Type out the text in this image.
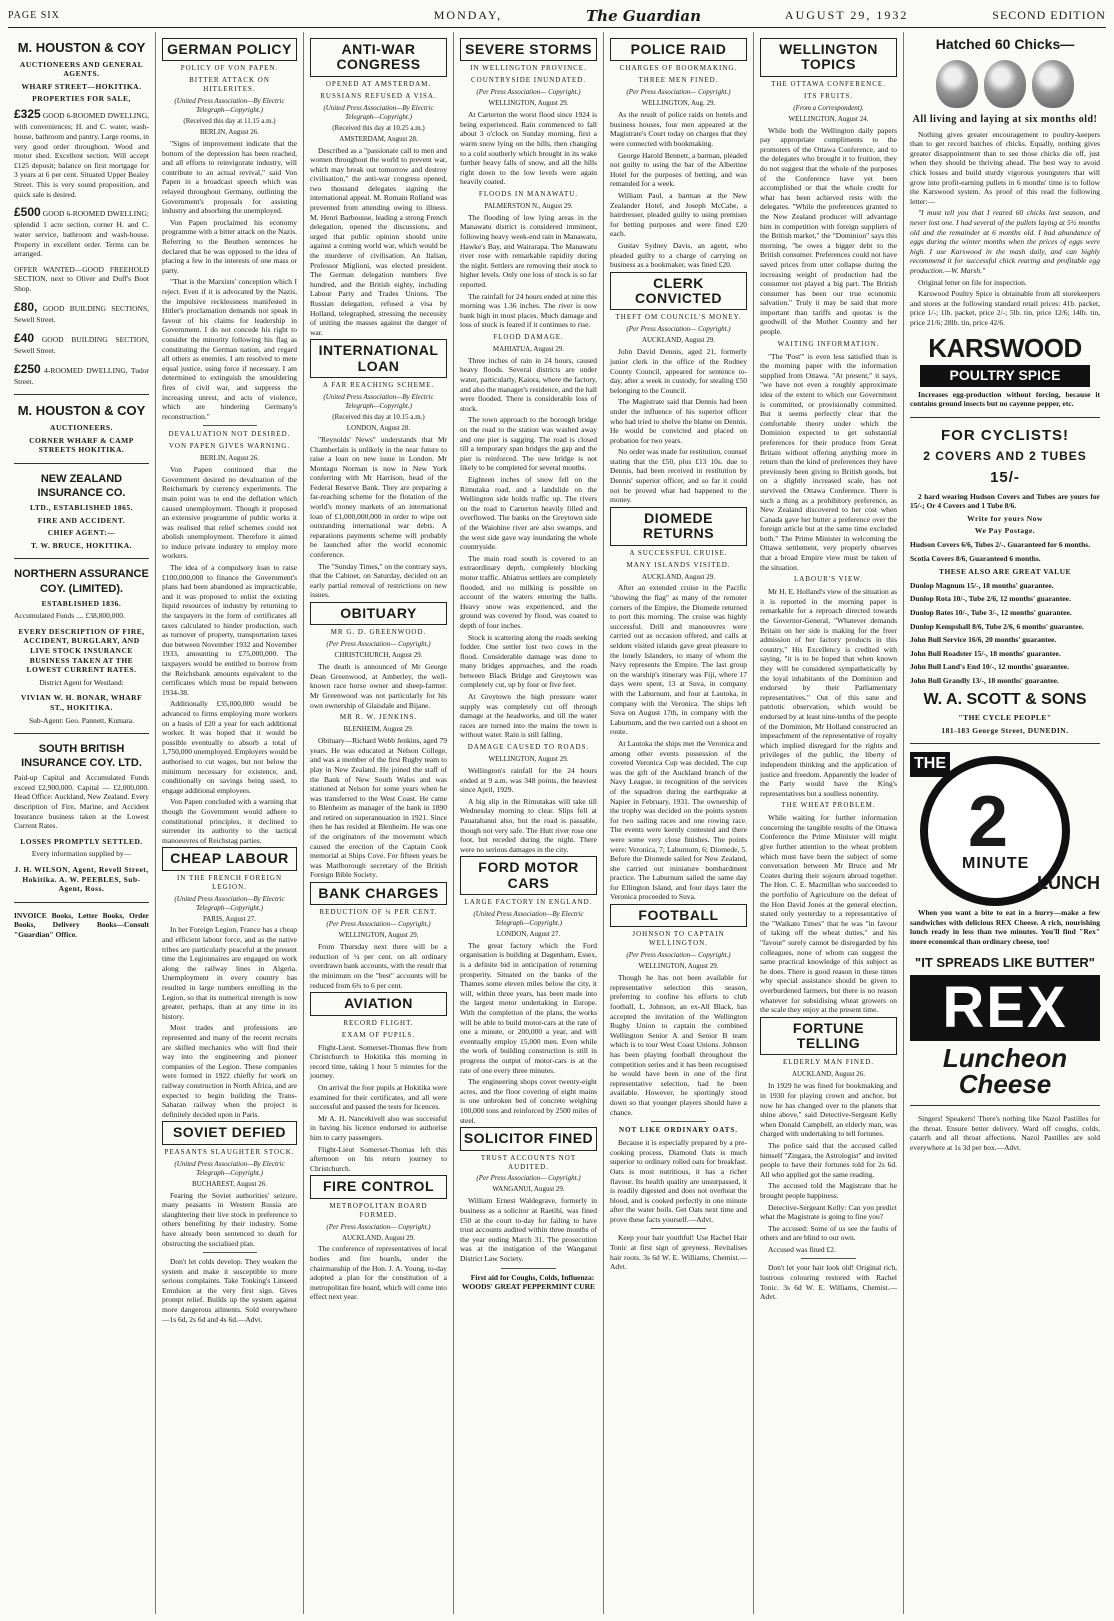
PAGE SIX	MONDAY,	The Guardian	AUGUST 29, 1932	SECOND EDITION
M. HOUSTON & COY
AUCTIONEERS AND GENERAL AGENTS.
WHARF STREET—HOKITIKA.
PROPERTIES FOR SALE,
£325 GOOD 6-ROOMED DWELLING, with conveniences; H. and C. water, wash-house, bathroom and pantry. Large rooms, in very good order throughout. Wood and motor shed. Excellent section. Will accept £125 deposit; balance on first mortgage for 3 years at 6 per cent. Situated Upper Bealey Street. This is very sound proposition, and quick sale is desired.
£500 GOOD 6-ROOMED DWELLING; splendid 1 acre section, corner H. and C. water service, bathroom and wash-house. Property in excellent order. Terms can be arranged.
OFFER WANTED—GOOD FREEHOLD SECTION, next to Oliver and Duff's Boot Shop.
£80, GOOD BUILDING SECTIONS, Sewell Street.
£40 GOOD BUILDING SECTION, Sewell Street.
£250 4-ROOMED DWELLING, Tudor Street.
M. HOUSTON & COY
AUCTIONEERS.
CORNER WHARF & CAMP STREETS HOKITIKA.
NEW ZEALAND INSURANCE CO.
LTD., ESTABLISHED 1865.
FIRE AND ACCIDENT.
CHIEF AGENT:—
T. W. BRUCE, HOKITIKA.
NORTHERN ASSURANCE COY. (LIMITED).
ESTABLISHED 1836.
Accumulated Funds .... £38,800,000.
EVERY DESCRIPTION OF FIRE, ACCIDENT, BURGLARY, AND LIVE STOCK INSURANCE BUSINESS TAKEN AT THE LOWEST CURRENT RATES.
District Agent for Westland:
VIVIAN W. H. BONAR, WHARF ST., HOKITIKA.
Sub-Agent: Geo. Pannett, Kumara.
SOUTH BRITISH INSURANCE COY. LTD.
Paid-up Capital and Accumulated Funds exceed £2,900,000. Capital — £2,000,000. Head Office: Auckland, New Zealand. Every description of Fire, Marine, and Accident Insurance business taken at the Lowest Current Rates.
LOSSES PROMPTLY SETTLED.
Every information supplied by—
J. H. WILSON, Agent, Revell Street, Hokitika. A. W. PEEBLES, Sub-Agent, Ross.
INVOICE Books, Letter Books, Order Books, Delivery Books—Consult "Guardian" Office.
GERMAN POLICY
POLICY OF VON PAPEN.
BITTER ATTACK ON HITLERITES.
(United Press Association—By Electric Telegraph—Copyright.)
(Received this day at 11.15 a.m.)
BERLIN, August 26.

"Signs of improvement indicate that the bottom of the depression has been reached, and all efforts to reinvigorate industry, will contribute to an actual revival," said Von Papen in a broadcast speech which was relayed throughout Germany, outlining the Government's proposals for assisting industry and absorbing the unemployed.

Von Papen proclaimed his economy programme with a bitter attack on the Nazis. Referring to the Beuthen sentences he declared that he was opposed to the idea of placing a few in the interests of one mass or party.

"That is the Marxists' conception which I reject. Even if it is advocated by the Nazis, the impulsive recklessness manifested in Hitler's proclamation demands not speak in favour of his claims for leadership in Government. I do not concede his right to consider the minority following his flag as constituting the German nation, and regard all others as enemies. I am resolved to mete equal justice, using force if necessary. I am determined to extinguish the smouldering fires of civil war, and suppress the increasing unrest, and acts of violence, which are hindering Germany's reconstruction."

DEVALUATION NOT DESIRED.
VON PAPEN GIVES WARNING.
BERLIN, August 26.

Von Papen continued that the Government desired no devaluation of the Reichsmark by currency experiments. The main point was to end the deflation which caused unemployment. Though it proposed an extensive programme of public works it was realised that relief schemes could not abolish unemployment. Therefore it aimed to induce private industry to employ more workers.

The idea of a compulsory loan to raise £100,000,000 to finance the Government's plans had been abandoned as impracticable, and it was proposed to enlist the existing liquid resources of industry by returning to the taxpayers in the form of certificates all taxes calculated to hinder production, such as turnover of property, transportation taxes due between November 1932 and November 1933, amounting to £75,000,000. The taxpayers would be entitled to borrow from the Reichsbank amounts equivalent to the certificates which must be repaid between 1934-38.

Additionally £35,000,000 would be advanced to firms employing more workers on a basis of £20 a year for each additional worker. It was hoped that it would be possible eventually to absorb a total of 1,750,000 unemployed. Employers would be authorised to cut wages, but not below the minimum necessary for existence, and, conditionally on savings being used, to engage additional employees.

Von Papen concluded with a warning that though the Government would adhere to constitutional principles, it declined to surrender its authority to the tactical manoeuvres of Reichstag parties.

CHEAP LABOUR
IN THE FRENCH FOREIGN LEGION.
(United Press Association—By Electric Telegraph—Copyright.)
PARIS, August 27.

In her Foreign Legion, France has a cheap and efficient labour force, and as the native tribes are particularly peaceful at the present time the Legionnaires are engaged on work along the railway lines in Algeria. Unemployment in every country has resulted in large numbers enrolling in the Legion, so that its numerical strength is now greater, perhaps, than at any time in its history.

Most trades and professions are represented and many of the recent recruits are skilled mechanics who will find their way into the engineering and pioneer companies of the Legion. These companies were formed in 1922 chiefly for work on railway construction in North Africa, and are expected to begin building the Trans-Saharan railway when the project is definitely decided upon in Paris.

SOVIET DEFIED
PEASANTS SLAUGHTER STOCK.
(United Press Association—By Electric Telegraph—Copyright.)
BUCHAREST, August 26.

Fearing the Soviet authorities' seizure, many peasants in Western Russia are slaughtering their live stock in preference to others benefiting by their industry. Some have already been sentenced to death for obstructing the socialised plan.

Don't let colds develop. They weaken the system and make it susceptible to more serious complaints. Take Tonking's Linseed Emulsion at the very first sign. Gives prompt relief. Builds up the system against more dangerous ailments. Sold everywhere —1s 6d, 2s 6d and 4s 6d.—Advt.

ANTI-WAR CONGRESS
OPENED AT AMSTERDAM.
RUSSIANS REFUSED A VISA.
(United Press Association—By Electric Telegraph—Copyright.)
(Received this day at 10.25 a.m.)
AMSTERDAM, August 28.

Described as a "passionate call to men and women throughout the world to prevent war, which may break out tomorrow and destroy civilisation," the anti-war congress opened, two thousand delegates signing the international appeal. M. Romain Rolland was prevented from attending owing to illness. M. Henri Barbousse, leading a strong French delegation, opened the discussions, and urged that public opinion should unite against a coming world war, which would be the murderer of civilisation. An Italian, Professor Miglioni, was elected president. The German delegation numbers five hundred, and the British eighty, including Labour Party and Trades Unions. The Russian delegation, refused a visa by Holland, telegraphed, stressing the necessity of uniting the masses against the danger of war.

INTERNATIONAL LOAN
A FAR REACHING SCHEME.
(United Press Association—By Electric Telegraph—Copyright.)
(Received this day at 10.15 a.m.)
LONDON, August 28.

"Reynolds' News" understands that Mr Chamberlain is unlikely in the near future to raise a loan on new issue in London. Mr Montagu Norman is now in New York conferring with Mr Harrison, head of the Federal Reserve Bank. They are preparing a far-reaching scheme for the flotation of the world's money markets of an international loan of £1,000,000,000 in order to wipe out outstanding international war debts. A reparations payments scheme will probably be launched after the world economic conference.

The "Sunday Times," on the contrary says, that the Cabinet, on Saturday, decided on an early partial removal of restrictions on new issues.

OBITUARY
MR G. D. GREENWOOD.
(Per Press Association— Copyright.)
CHRISTCHURCH, August 29.

The death is announced of Mr George Dean Greenwood, at Amberley, the well-known race horse owner and sheep-farmer. Mr Greenwood was not particularly for his own ownership of Glaisdale and Bijane.

MR R. W. JENKINS.
BLENHEIM, August 29.

Obituary—Richard Webb Jenkins, aged 79 years. He was educated at Nelson College, and was a member of the first Rugby team to play in New Zealand. He joined the staff of the Bank of New South Wales and was stationed at Nelson for some years when he was transferred to the West Coast. He came to Blenheim as manager of the bank in 1890 and retired on superannuation in 1921. Since then he has resided at Blenheim. He was one of the originators of the movement which caused the erection of the Captain Cook memorial at Ships Cove. For fifteen years he was Marlborough secretary of the British Foreign Bible Society.

BANK CHARGES
REDUCTION OF ¼ PER CENT.
(Per Press Association— Copyright.)
WELLINGTON, August 29.

From Thursday next there will be a reduction of ¼ per cent. on all ordinary overdrawn bank accounts, with the result that the minimum on the "best" accounts will be reduced from 6¾ to 6 per cent.

AVIATION
RECORD FLIGHT.
EXAM OF PUPILS.

Flight-Lieut. Somerset-Thomas flew from Christchurch to Hokitika this morning in record time, taking 1 hour 5 minutes for the journey.

On arrival the four pupils at Hokitika were examined for their certificates, and all were successful and passed the tests for licences.

Mr A. H. Nancekivell also was successful in having his licence endorsed to authorise him to carry passengers.

Flight-Lieut Somerset-Thomas left this afternoon on his return journey to Christchurch.

FIRE CONTROL
METROPOLITAN BOARD FORMED.
(Per Press Association— Copyright.)
AUCKLAND, August 29.

The conference of representatives of local bodies and fire boards, under the chairmanship of the Hon. J. A. Young, to-day adopted a plan for the constitution of a metropolitan fire board, which will come into effect next year.

SEVERE STORMS
IN WELLINGTON PROVINCE.
COUNTRYSIDE INUNDATED.
(Per Press Association— Copyright.)
WELLINGTON, August 29.

At Carterton the worst flood since 1924 is being experienced. Rain commenced to fall about 3 o'clock on Sunday morning, first a warm snow lying on the hills, then changing to a cold southerly which brought in its wake further heavy falls of snow, and all the hills right down to the low levels were again heavily coated.

FLOODS IN MANAWATU.
PALMERSTON N., August 29.

The flooding of low lying areas in the Manawatu district is considered imminent, following heavy week-end rain in Manawatu, Hawke's Bay, and Wairarapa. The Manawatu river rose with remarkable rapidity during the night. Settlers are removing their stock to higher levels. Only one loss of stock is so far reported.

The rainfall for 24 hours ended at nine this morning was 1.36 inches. The river is now bank high in most places. Much damage and loss of stock is feared if it continues to rise.

FLOOD DAMAGE.
MAHIATUA, August 29.

Three inches of rain in 24 hours, caused heavy floods. Several districts are under water, particularly, Kaiora, where the factory, and also the manager's residence, and the hall were flooded. There is considerable loss of stock.

The town approach to the borough bridge on the road to the station was washed away and one pier is sagging. The road is closed till a temporary span bridges the gap and the pier is reinforced. The new bridge is not likely to be completed for several months.

Eighteen inches of snow fell on the Rimutaka road, and a landslide on the Wellington side holds traffic up. The rivers on the road to Carterton heavily filled and overflowed. The banks on the Greytown side of the Waiohine river are also swamps, and the west side gave way inundating the whole countryside.

The main road south is covered to an extraordinary depth, completely blocking motor traffic. Abiatrus settlers are completely flooded, and no milking is possible on account of the waters entering the halls. Heavy snow was experienced, and the ground was covered by flood, was coated to depth of four inches.

Stock is scattering along the roads seeking fodder. One settler lost two cows in the flood. Considerable damage was done to many bridges approaches, and the roads between Black Bridge and Greytown was completely cut, up by four or five feet.

At Greytown the high pressure water supply was completely cut off through damage at the headworks, and till the water races are turned into the mains the town is without water. Rain is still falling.

DAMAGE CAUSED TO ROADS.
WELLINGTON, August 29.

Wellington's rainfall for the 24 hours ended at 9 a.m. was 348 points, the heaviest since April, 1929.

A big slip in the Rimutakas will take till Wednesday morning to clear. Slips fell at Pauatahanui also, but the road is passable, though not very safe. The Hutt river rose one foot, but receded during the night. There were no serious damages in the city.

FORD MOTOR CARS
LARGE FACTORY IN ENGLAND.
(United Press Association—By Electric Telegraph—Copyright.)
LONDON, August 27.

The great factory which the Ford organisation is building at Dagenham, Essex, is a definite bid in anticipation of returning prosperity. Situated on the banks of the Thames some eleven miles below the city, it will, within three years, has been made into the largest motor undertaking in Europe. With the completion of the plans, the works will be able to build motor-cars at the rate of one a minute, or 200,000 a year, and will eventually employ 15,000 men. Even while the work of building construction is still in progress the output of motor-cars is at the rate of one every three minutes.

The engineering shops cover twenty-eight acres, and the floor covering of eight mains is one unbroken bed of concrete weighing 100,000 tons and reinforced by 2500 miles of steel.

SOLICITOR FINED
TRUST ACCOUNTS NOT AUDITED.
(Per Press Association— Copyright.)
WANGANUI, August 29.

William Ernest Waldegrave, formerly in business as a solicitor at Raetihi, was fined £50 at the court to-day for failing to have trust accounts audited within three months of the year ending March 31. The prosecution was at the instigation of the Wanganui District Law Society.

First aid for Coughs, Colds, Influenza: WOODS' GREAT PEPPERMINT CURE

POLICE RAID
CHARGES OF BOOKMAKING.
THREE MEN FINED.
(Per Press Association— Copyright.)
WELLINGTON, Aug. 29.

As the result of police raids on hotels and business houses, four men appeared at the Magistrate's Court today on charges that they were connected with bookmaking.

George Harold Bennett, a barman, pleaded not guilty to using the bar of the Albertine Hotel for the purposes of betting, and was remanded for a week.

William Paul, a barman at the New Zealander Hotel, and Joseph McCabe, a hairdresser, pleaded guilty to using premises for betting purposes and were fined £20 each.

Gustav Sydney Davis, an agent, who pleaded guilty to a charge of carrying on business as a bookmaker, was fined £20.

CLERK CONVICTED
THEFT OM COUNCIL'S MONEY.
(Per Press Association— Copyright.)
AUCKLAND, August 29.

John David Dennis, aged 21, formerly junior clerk in the office of the Rodney County Council, appeared for sentence to-day, after a week in custody, for stealing £50 belonging to the Council.

The Magistrate said that Dennis had been under the influence of his superior officer who had tried to shelve the blame on Dennis. He would be convicted and placed on probation for two years.

No order was made for restitution, counsel stating that the £50, plus £13 10s. due to Dennis, had been received in restitution by Dennis' superior officer, and so far it could not be proved what had happened to the money.

DIOMEDE RETURNS
A SUCCESSFUL CRUISE.
MANY ISLANDS VISITED.
AUCKLAND, August 29.

After an extended cruise in the Pacific "showing the flag" as many of the remoter corners of the Empire, the Diomede returned to port this morning. The cruise was highly successful. Drill and manoeuvres were carried out as occasion offered, and calls at seldom visited islands gave great pleasure to the lonely Islanders, to many of whom the Navy represents the Empire. The last group on the warship's itinerary was Fiji, where 17 days were spent, 13 at Suva, in company with the Laburnum, and four at Lautoka, in company with the Veronica. The ships left Suva on August 17th, in company with the Laburnum, and the two carried out a shoot en route.

At Lautoka the ships met the Veronica and among other events possession of the coveted Veronica Cup was decided. The cup was the gift of the Auckland branch of the Navy League, in recognition of the services of the squadron during the earthquake at Napier in February, 1931. The ownership of the trophy was decided on the points system for two sailing races and one rowing race. The events were keenly contested and there were some very close finishes. The points were: Veronica, 7; Laburnum, 6; Diomede, 5. Before the Diomede sailed for New Zealand, she carried out miniature bombardment practice. The Laburnum sailed the same day for Ellington Island, and four days later the Veronica proceeded to Suva.

FOOTBALL
JOHNSON TO CAPTAIN WELLINGTON.
(Per Press Association— Copyright.)
WELLINGTON, August 29.

Though he has not been available for representative selection this season, preferring to confine his efforts to club football, L. Johnson, an ex-All Black, has accepted the invitation of the Wellington Rugby Union to captain the combined Wellington Senior A and Senior B team which is to tour West Coast Unions. Johnson has been playing football throughout the competition series and it has been recognised he would have been in one of the first representative selection, had he been available. However, he sportingly stood down so that younger players should have a chance.

NOT LIKE ORDINARY OATS.

Because it is especially prepared by a pre-cooking process, Diamond Oats is much superior to ordinary rolled oats for breakfast. Oats is most nutritious, it has a richer flavour. Its health quality are unsurpassed, it is readily digested and does not overheat the blood, and is cooked perfectly in one minute after the water boils. Get Oats next time and prove these facts yourself.—Advt.

Keep your hair youthful! Use Rachel Hair Tonic at first sign of greyness. Revitalises hair roots. 3s 6d W. E. Williams, Chemist.—Advt.

WELLINGTON TOPICS
THE OTTAWA CONFERENCE.
ITS FRUITS.
(From a Correspondent).
WELLINGTON, August 24.

While both the Wellington daily papers pay appropriate compliments to the promoters of the Ottawa Conference, and to the delegates who brought it to fruition, they do not suggest that the whole of the purposes of the Conference have yet been accomplished or that the whole credit for what has been achieved rests with the delegates. "While the preferences granted to the New Zealand producer will advantage him in competition with foreign suppliers of the British market," the "Dominion" says this morning, "he owes a bigger debt to the British consumer. Preferences could not have saved prices from utter collapse during the increasing weight of production had the consumer not played a big part. The British consumer has been our true economic salvation." Truly it may be said that more important than tariffs and quotas is the goodwill of the Mother Country and her people.

WAITING INFORMATION.

"The 'Post'" is even less satisfied than is the morning paper with the information supplied from Ottawa. "At present," it says, "we have not even a roughly approximate idea of the extent to which our Government is committed, or provisionally committed. But it seems perfectly clear that the comfortable theory under which the Dominion expected to get substantial preferences for their produce from Great Britain without offering anything more in return than the kind of preferences they have previously been giving to British goods, but on a slightly increased scale, has not survived the Ottawa Conference. There is such a thing as a prohibitory preference, as New Zealand discovered to her cost when Canada gave her butter a preference over the foreign article but at the same time excluded both." The Prime Minister in welcoming the Ottawa settlement, very properly observes that a broad Empire view must be taken of the situation.

LABOUR'S VIEW.

Mr H. E. Holland's view of the situation as it is reported in the morning paper is remarkable for a reproach directed towards the Governor-General, "Whatever demands Britain on her side is making for the freer admission of her factory products in this country," His Excellency is credited with saying, "it is to be hoped that when known they will be considered sympathetically by the loyal inhabitants of the Dominion and endorsed by their Parliamentary representatives." Out of this sane and patriotic observation, which would be endorsed by at least nine-tenths of the people of the Dominion, Mr Holland constructed an impeachment of the representative of royalty which implied disregard for the rights and privileges of the public, the liberty of independent thinking and the application of justice and freedom. Apparently the leader of the Party would have the King's representatives but a soulless nonentity.

THE WHEAT PROBLEM.

While waiting for further information concerning the tangible results of the Ottawa Conference the Prime Minister will might give further attention to the wheat problem which must have been the subject of some conversation between Mr Bruce and Mr Coates during their sojourn abroad together. The Hon. C. E. Macmillan who succeeded to the portfolio of Agriculture on the defeat of the Hon David Jones at the general election, stated only yesterday to a representative of the "Waikato Times" that he was "in favour of taking off the wheat duties," and his "favour" surely cannot be disregarded by his colleagues, none of whom can suggest the same practical knowledge of this subject as he does. There is good reason in these times why special assistance should be given to overburdened farmers, but there is no reason whatever for subsidising wheat growers on the scale they enjoy at the present time.

FORTUNE TELLING
ELDERLY MAN FINED.
AUCKLAND, August 26.

In 1929 he was fined for bookmaking and in 1930 for playing crown and anchor, but now he has changed over to the planets that shine above," said Detective-Sergeant Kelly when Donald Campbell, an elderly man, was charged with undertaking to tell fortunes.

The police said that the accused called himself "Zingara, the Astrologist" and invited people to have their fortunes told for 2s 6d. All who applied got the same reading.

The accused told the Magistrate that he brought people happiness.

Detective-Sergeant Kelly: Can you predict what the Magistrate is going to fine you?

The accused: Some of us see the faults of others and are blind to our own.

Accused was fined £2.

Don't let your hair look old! Original rich, lustrous colouring restored with Rachel Tonic. 3s 6d W. E. Williams, Chemist.—Advt.

Hatched 60 Chicks—
All living and laying at six months old!

Nothing gives greater encouragement to poultry-keepers than to get record batches of chicks. Equally, nothing gives greater disappointment than to see those chicks die off, just when they should be thriving ahead. The best way to avoid chick losses and build sturdy vigorous youngsters that will grow into profit-earning pullets in 6 months' time is to follow the Karswood system. As proof of this read the following letter:—

"I must tell you that I reared 60 chicks last season, and never lost one. I had several of the pullets laying at 5½ months old and the remainder at 6 months old. I had abundance of eggs during the winter months when the prices of eggs were high. I use Karswood in the mash daily, and can highly recommend it for successful chick rearing and profitable egg production.—W. Marsh."

Original letter on file for inspection.

Karswood Poultry Spice is obtainable from all storekeepers and stores at the following standard retail prices: 41b. packet, price 1/-; 1lb. packet, price 2/-; 5lb. tin, price 12/6; 14lb. tin, price 21/6; 28lb. tin, price 42/6.

KARSWOOD
POULTRY SPICE

Increases egg-production without forcing, because it contains ground insects but no cayenne pepper, etc.

FOR CYCLISTS!
2 COVERS AND 2 TUBES
15/-

2 hard wearing Hudson Covers and Tubes are yours for 15/-; Or 4 Covers and 1 Tube 8/6.

Write for yours Now
We Pay Postage.
Hudson Covers 6/6, Tubes 2/-. Guaranteed for 6 months.
Scotia Covers 8/6, Guaranteed 6 months.
THESE ALSO ARE GREAT VALUE
Dunlop Magnum 15/-, 18 months' guarantee.
Dunlop Rota 10/-, Tube 2/6, 12 months' guarantee.
Dunlop Bates 10/-, Tube 3/-, 12 months' guarantee.
Dunlop Kempshall 8/6, Tube 2/6, 6 months' guarantee.
John Bull Service 16/6, 20 months' guarantee.
John Bull Roadster 15/-, 18 months' guarantee.
John Bull Land's End 10/-, 12 months' guarantee.
John Bull Grandly 13/-, 18 months' guarantee.
W. A. SCOTT & SONS
"THE CYCLE PEOPLE"
181-183 George Street, DUNEDIN.
2
MINUTE
THE
LUNCH

When you want a bite to eat in a hurry—make a few sandwiches with delicious REX Cheese. A rich, nourishing lunch ready in less than two minutes. You'll find "Rex" more economical than ordinary cheese, too!

"IT SPREADS LIKE BUTTER"
REX
Luncheon Cheese

Singers! Speakers! There's nothing like Nazol Pastilles for the throat. Ensure better delivery. Ward off coughs, colds, catarrh and all throat affections. Nazol Pastilles are sold everywhere at 1s 3d per box.—Advt.
